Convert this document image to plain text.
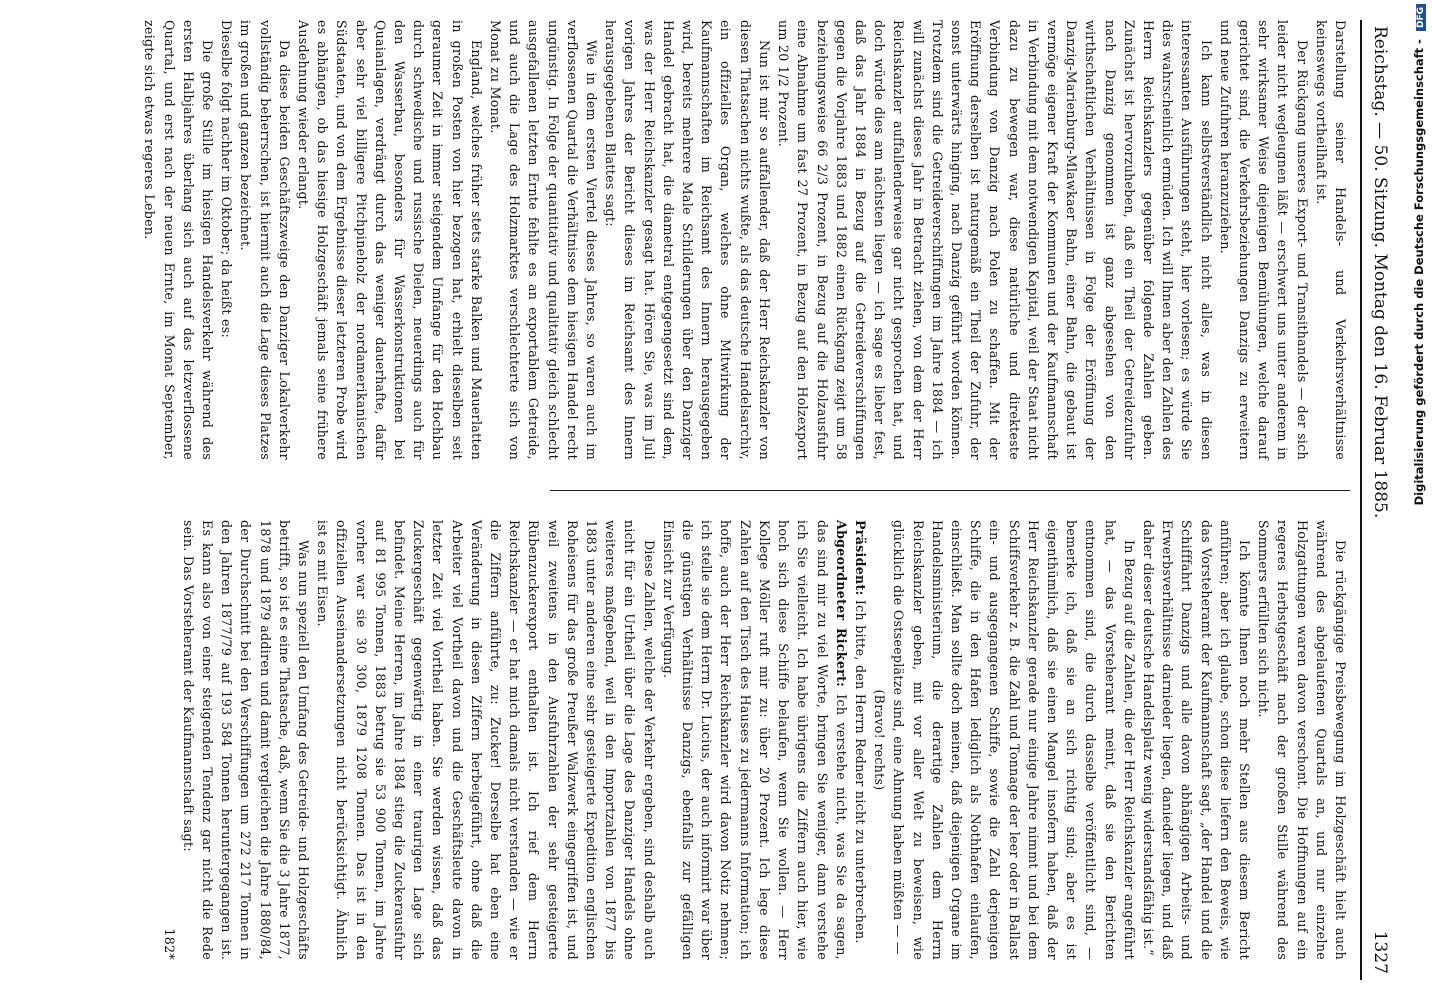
Reichstag. — 50. Sitzung. Montag den 16. Februar 1885.
1327

Darstellung seiner Handels- und Verkehrsverhältnisse keineswegs vortheilhaft ist.

Der Rückgang unseres Export- und Transithandels — der sich leider nicht wegleugnen läßt — erschwert uns unter anderem in sehr wirksamer Weise diejenigen Bemühungen, welche darauf gerichtet sind, die Verkehrsbeziehungen Danzigs zu erweitern und neue Zufuhren heranzuziehen.

Ich kann selbstverständlich nicht alles, was in diesen interessanten Ausführungen steht, hier vorlesen; es würde Sie dies wahrscheinlich ermüden. Ich will Ihnen aber den Zahlen des Herrn Reichskanzlers gegenüber folgende Zahlen geben. Zunächst ist hervorzuheben, daß ein Theil der Getreidezufuhr nach Danzig genommen ist ganz abgesehen von den wirthschaftlichen Verhältnissen in Folge der Eröffnung der Danzig-Marienburg-Mlawkaer Bahn, einer Bahn, die gebaut ist vermöge eigener Kraft der Kommunen und der Kaufmannschaft in Verbindung mit dem notwendigen Kapital, weil der Staat nicht dazu zu bewegen war, diese natürliche und direkteste Verbindung von Danzig nach Polen zu schaffen. Mit der Eröffnung derselben ist naturgemäß ein Theil der Zufuhr, der sonst unterwärts hinging, nach Danzig geführt worden können. Trotzdem sind die Getreideverschiffungen im Jahre 1884 — ich will zunächst dieses Jahr in Betracht ziehen, von dem der Herr Reichskanzler auffallenderweise gar nicht gesprochen hat, und doch würde dies am nächsten liegen — ich sage es lieber fest, daß das Jahr 1884 in Bezug auf die Getreideverschiffungen gegen die Vorjahre 1883 und 1882 einen Rückgang zeigt um 58 beziehungsweise 66 2/3 Prozent, in Bezug auf die Holzausfuhr eine Abnahme um fast 27 Prozent, in Bezug auf den Holzexport um 20 1/2 Prozent.

Nun ist mir so auffallender, daß der Herr Reichskanzler von diesen Thatsachen nichts wußte, als das deutsche Handelsarchiv, ein offizielles Organ, welches ohne Mitwirkung der Kaufmannschaften im Reichsamt des Innern herausgegeben wird, bereits mehrere Male Schilderungen über den Danziger Handel gebracht hat, die diametral entgegengesetzt sind dem, was der Herr Reichskanzler gesagt hat. Hören Sie, was im Juli vorigen Jahres der Bericht dieses im Reichsamt des Innern herausgegebenen Blattes sagt:

Wie in dem ersten Viertel dieses Jahres, so waren auch im verflossenen Quartal die Verhältnisse dem hiesigen Handel recht ungünstig. In Folge der quantitativ und qualitativ gleich schlecht ausgefallenen letzten Ernte fehlte es an exportablem Getreide, und auch die Lage des Holzmarktes verschlechterte sich von Monat zu Monat.

England, welches früher stets starke Balken und Mauerlatten in großen Posten von hier bezogen hat, erhielt dieselben seit geraumer Zeit in immer steigendem Umfange für den Hochbau durch schwedische und russische Dielen, neuerdings auch für den Wasserbau, besonders für Wasserkonstruktionen bei Quaianlagen, verdrängt durch das weniger dauerhafte, dafür aber sehr viel billigere Pitchpineholz der nordamerikanischen Südstaaten, und von dem Ergebnisse dieser letzteren Probe wird es abhängen, ob das hiesige Holzgeschäft jemals seine frühere Ausdehnung wieder erlangt.

Da diese beiden Geschäftszweige den Danziger Lokalverkehr vollständig beherrschen, ist hiermit auch die Lage dieses Platzes im großen und ganzen bezeichnet.

Dieselbe folgt nachher im Oktober; da heißt es:

Die große Stille im hiesigen Handelsverkehr während des ersten Halbjahres überlang sich auch auf das letzverflossene Quartal, und erst nach der neuen Ernte, im Monat September, zeigte sich etwas regeres Leben.

Die rückgängige Preisbewegung im Holzgeschäft hielt auch während des abgelaufenen Quartals an, und nur einzelne Holzgattungen waren davon verschont. Die Hoffnungen auf ein regeres Herbstgeschäft nach der großen Stille während des Sommers erfüllten sich nicht.

Ich könnte Ihnen noch mehr Stellen aus diesem Bericht anführen; aber ich glaube, schon diese liefern den Beweis, wie das Vorsteheramt der Kaufmannschaft sagt, „der Handel und die Schifffahrt Danzigs und alle davon abhängigen Arbeits- und Erwerbsverhältnisse darnieder liegen, danieder liegen, und daß daher dieser deutsche Handelsplatz wenig widerstandsfähig ist.“

In Bezug auf die Zahlen, die der Herr Reichskanzler angeführt hat, — das Vorsteheramt meint, daß sie den Berichten entnommen sind, die durch dasselbe veröffentlicht sind, — bemerke ich, daß sie an sich richtig sind; aber es ist eigenthümlich, daß sie einen Mangel insofern haben, daß der Herr Reichskanzler gerade nur einige Jahre nimmt und bei dem Schiffsverkehr z. B. die Zahl und Tonnage der leer oder in Ballast ein- und ausgegangenen Schiffe, sowie die Zahl derjenigen Schiffe, die in den Hafen lediglich als Nothhafen einlaufen, einschließt. Man sollte doch meinen, daß diejenigen Organe im Handelsministerium, die derartige Zahlen dem Herrn Reichskanzler geben, mit vor aller Welt zu beweisen, wie glücklich die Ostseeplätze sind, eine Ahnung haben müßten — —

(Bravo! rechts)

Präsident: Ich bitte, den Herrn Redner nicht zu unterbrechen.

Abgeordneter Rickert: Ich verstehe nicht, was Sie da sagen, das sind mir zu viel Worte, bringen Sie weniger, dann verstehe ich Sie vielleicht. Ich habe übrigens die Ziffern auch hier, wie hoch sich diese Schiffe belaufen, wenn Sie wollen. — Herr Kollege Möller ruft mir zu: über 20 Prozent. Ich lege diese Zahlen auf den Tisch des Hauses zu jedermanns Information; ich hoffe, auch der Herr Reichskanzler wird davon Notiz nehmen; ich stelle sie dem Herrn Dr. Lucius, der auch informirt war über die günstigen Verhältnisse Danzigs, ebenfalls zur gefälligen Einsicht zur Verfügung.

Diese Zahlen, welche der Verkehr ergeben, sind deshalb auch nicht für ein Urtheil über die Lage des Danziger Handels ohne weiteres maßgebend, weil in den Importzahlen von 1877 bis 1883 unter anderen eine sehr gesteigerte Expedition englischen Roheisens für das große Preußer Walzwerk eingegriffen ist, und weil zweitens in den Ausfuhrzahlen der sehr gesteigerte Rübenzuckerexport enthalten ist. Ich rief dem Herrn Reichskanzler — er hat mich damals nicht verstanden — wie er die Ziffern anführte, zu: Zucker! Derselbe hat eben eine Veränderung in diesen Ziffern herbeigeführt, ohne daß die Arbeiter viel Vortheil davon und die Geschäftsleute davon in letzter Zeit viel Vortheil haben. Sie werden wissen, daß das Zuckergeschäft gegenwärtig in einer traurigen Lage sich befindet. Meine Herren, im Jahre 1884 stieg die Zuckerausfuhr auf 81 995 Tonnen, 1883 betrug sie 53 900 Tonnen, im Jahre vorher war sie 30 300, 1879 1208 Tonnen. Das ist in den offiziellen Auseinandersetzungen nicht berücksichtigt. Ähnlich ist es mit Eisen.

Was nun speziell den Umfang des Getreide- und Holzgeschäfts betrifft, so ist es eine Thatsache, daß, wenn Sie die 3 Jahre 1877, 1878 und 1879 addiren und damit vergleichen die Jahre 1880/84, der Durchschnitt bei den Verschiffungen um 272 217 Tonnen in den Jahren 1877/79 auf 193 584 Tonnen heruntergegangen ist. Es kann also von einer steigenden Tendenz gar nicht die Rede sein. Das Vorsteheramt der Kaufmannschaft sagt:

182*

Digitalisierung gefördert durch die Deutsche Forschungsgemeinschaft - DFG
